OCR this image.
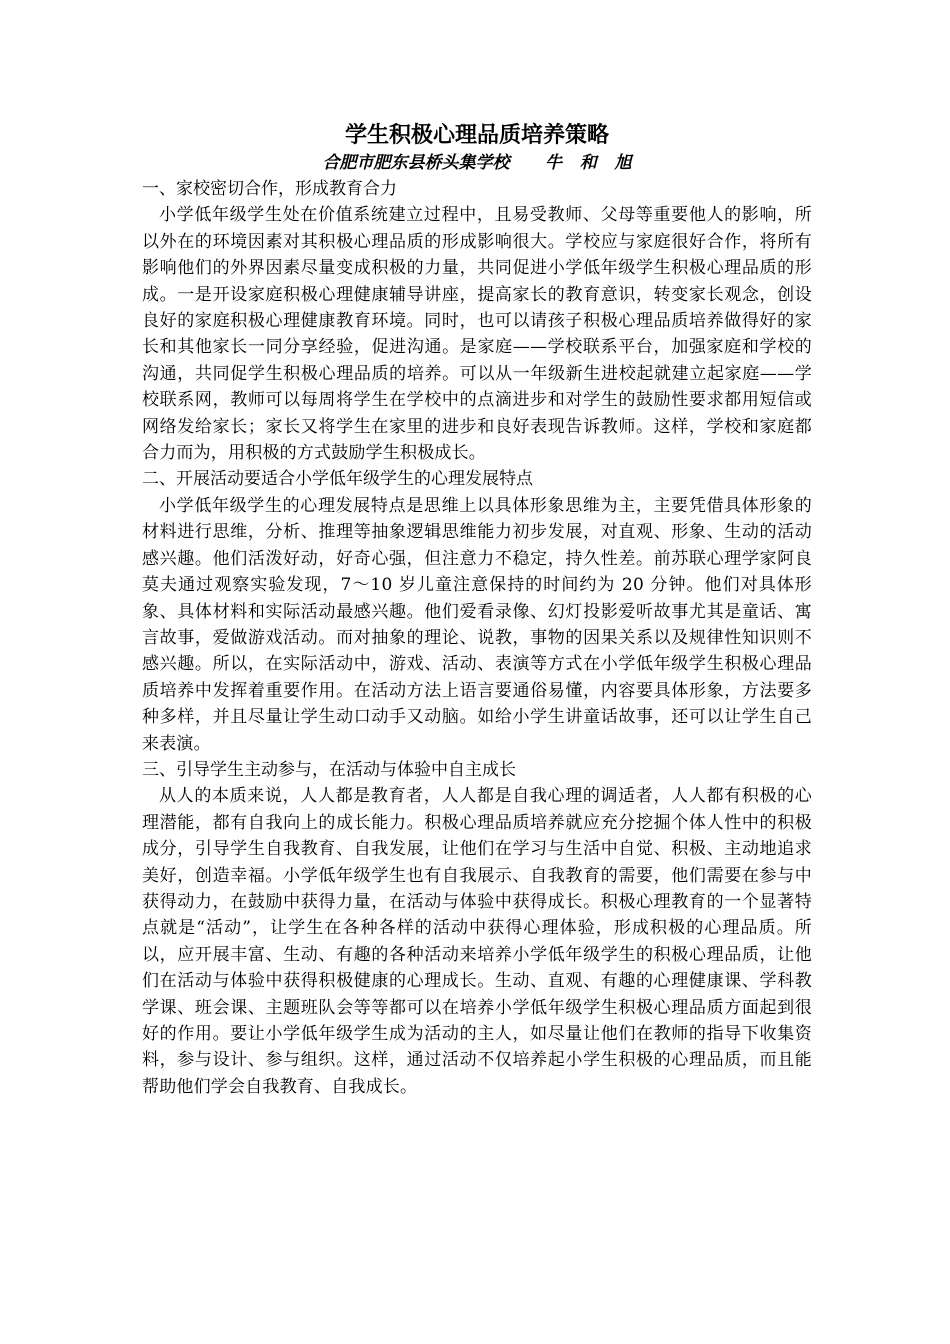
学生积极心理品质培养策略
合肥市肥东县桥头集学校      牛   和   旭
一、家校密切合作，形成教育合力

小学低年级学生处在价值系统建立过程中，且易受教师、父母等重要他人的影响，所以外在的环境因素对其积极心理品质的形成影响很大。学校应与家庭很好合作，将所有影响他们的外界因素尽量变成积极的力量，共同促进小学低年级学生积极心理品质的形成。一是开设家庭积极心理健康辅导讲座，提高家长的教育意识，转变家长观念，创设良好的家庭积极心理健康教育环境。同时，也可以请孩子积极心理品质培养做得好的家长和其他家长一同分享经验，促进沟通。是家庭——学校联系平台，加强家庭和学校的沟通，共同促学生积极心理品质的培养。可以从一年级新生进校起就建立起家庭——学校联系网，教师可以每周将学生在学校中的点滴进步和对学生的鼓励性要求都用短信或网络发给家长；家长又将学生在家里的进步和良好表现告诉教师。这样，学校和家庭都合力而为，用积极的方式鼓励学生积极成长。

二、开展活动要适合小学低年级学生的心理发展特点

小学低年级学生的心理发展特点是思维上以具体形象思维为主，主要凭借具体形象的材料进行思维，分析、推理等抽象逻辑思维能力初步发展，对直观、形象、生动的活动感兴趣。他们活泼好动，好奇心强，但注意力不稳定，持久性差。前苏联心理学家阿良莫夫通过观察实验发现，7～10 岁儿童注意保持的时间约为 20 分钟。他们对具体形象、具体材料和实际活动最感兴趣。他们爱看录像、幻灯投影爱听故事尤其是童话、寓言故事，爱做游戏活动。而对抽象的理论、说教，事物的因果关系以及规律性知识则不感兴趣。所以，在实际活动中，游戏、活动、表演等方式在小学低年级学生积极心理品质培养中发挥着重要作用。在活动方法上语言要通俗易懂，内容要具体形象，方法要多种多样，并且尽量让学生动口动手又动脑。如给小学生讲童话故事，还可以让学生自己来表演。

三、引导学生主动参与，在活动与体验中自主成长

从人的本质来说，人人都是教育者，人人都是自我心理的调适者，人人都有积极的心理潜能，都有自我向上的成长能力。积极心理品质培养就应充分挖掘个体人性中的积极成分，引导学生自我教育、自我发展，让他们在学习与生活中自觉、积极、主动地追求美好，创造幸福。小学低年级学生也有自我展示、自我教育的需要，他们需要在参与中获得动力，在鼓励中获得力量，在活动与体验中获得成长。积极心理教育的一个显著特点就是“活动”，让学生在各种各样的活动中获得心理体验，形成积极的心理品质。所以，应开展丰富、生动、有趣的各种活动来培养小学低年级学生的积极心理品质，让他们在活动与体验中获得积极健康的心理成长。生动、直观、有趣的心理健康课、学科教学课、班会课、主题班队会等等都可以在培养小学低年级学生积极心理品质方面起到很好的作用。要让小学低年级学生成为活动的主人，如尽量让他们在教师的指导下收集资料，参与设计、参与组织。这样，通过活动不仅培养起小学生积极的心理品质，而且能帮助他们学会自我教育、自我成长。
